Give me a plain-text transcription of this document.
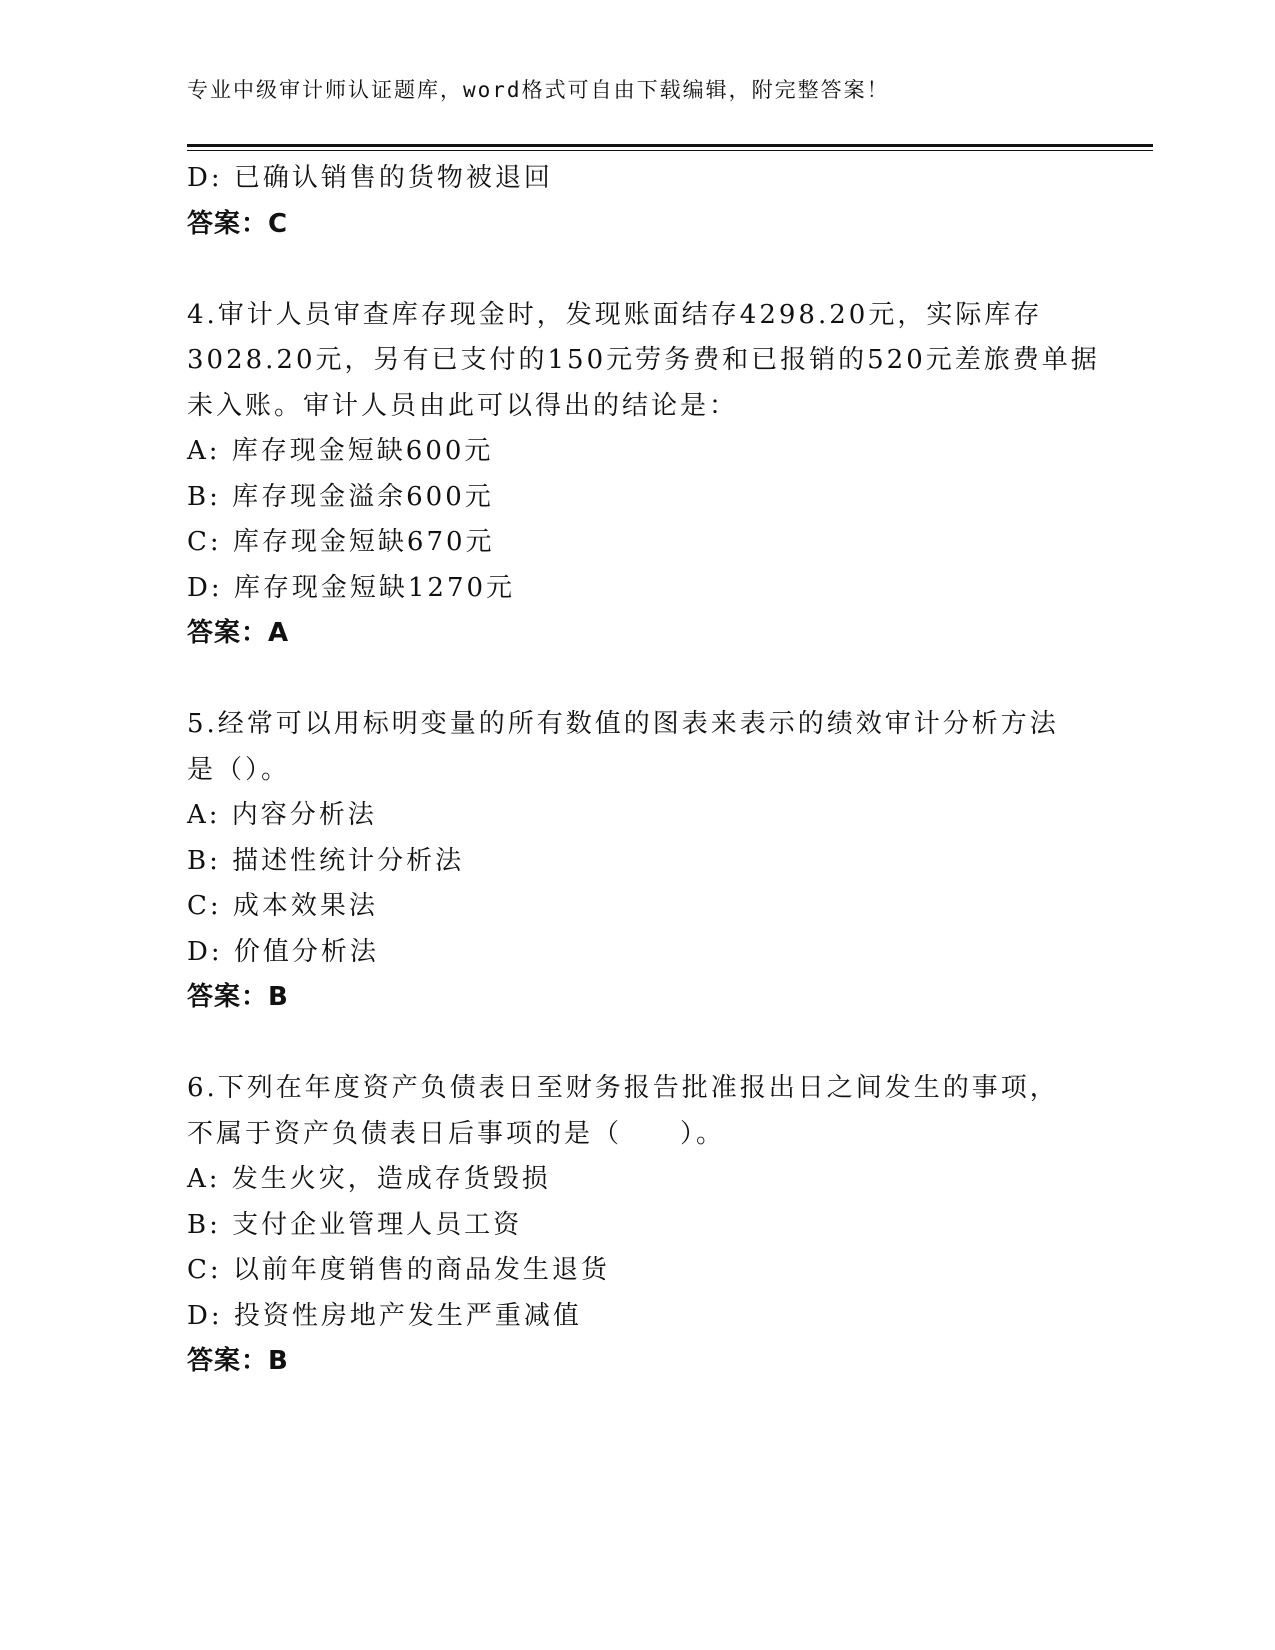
专业中级审计师认证题库，word格式可自由下载编辑，附完整答案！
D: 已确认销售的货物被退回
答案：C
4.审计人员审查库存现金时，发现账面结存4298.20元，实际库存
3028.20元，另有已支付的150元劳务费和已报销的520元差旅费单据
未入账。审计人员由此可以得出的结论是：
A: 库存现金短缺600元
B: 库存现金溢余600元
C: 库存现金短缺670元
D: 库存现金短缺1270元
答案：A
5.经常可以用标明变量的所有数值的图表来表示的绩效审计分析方法
是（）。
A: 内容分析法
B: 描述性统计分析法
C: 成本效果法
D: 价值分析法
答案：B
6.下列在年度资产负债表日至财务报告批准报出日之间发生的事项，
不属于资产负债表日后事项的是（　　）。
A: 发生火灾，造成存货毁损
B: 支付企业管理人员工资
C: 以前年度销售的商品发生退货
D: 投资性房地产发生严重减值
答案：B
